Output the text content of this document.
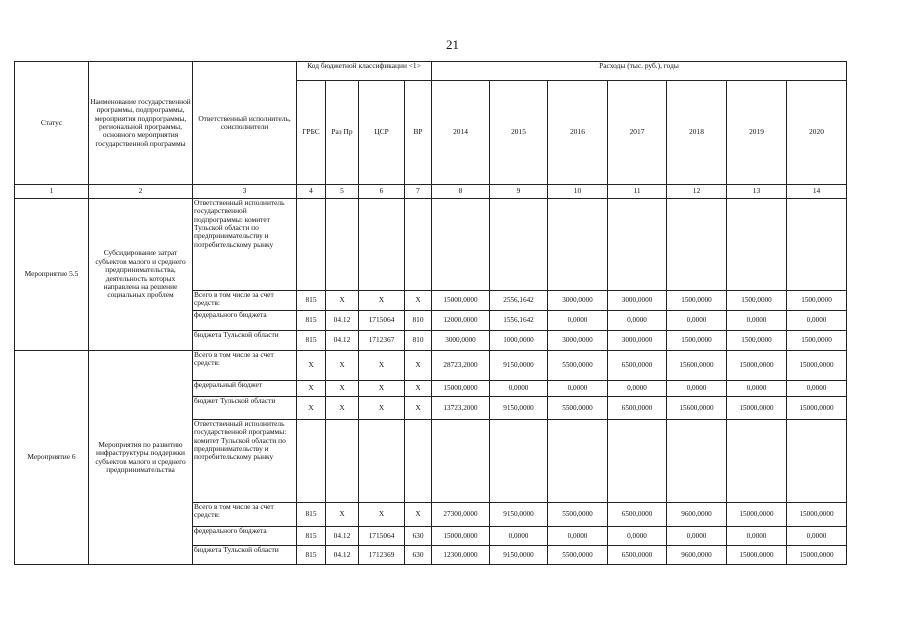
21
Статус	Наименование государственной программы, подпрограммы, мероприятия подпрограммы, региональной программы, основного мероприятия государственной программы	Ответственный исполнитель, соисполнители	Код бюджетной классификации <1>				Расходы (тыс. руб.), годы						
			ГРБС	Раз Пр	ЦСР	ВР	2014	2015	2016	2017	2018	2019	2020
1	2	3	4	5	6	7	8	9	10	11	12	13	14
Мероприятие 5.5	Субсидирование затрат субъектов малого и среднего предпринимательства, деятельность которых направлена на решение социальных проблем	Ответственный исполнитель государственной подпрограммы: комитет Тульской области по предпринимательству и потребительскому рынку											
		Всего в том числе за счет средств:	815	Х	Х	Х	15000,0000	2556,1642	3000,0000	3000,0000	1500,0000	1500,0000	1500,0000
		федерального бюджета	815	04.12	1715064	810	12000,0000	1556,1642	0,0000	0,0000	0,0000	0,0000	0,0000
		бюджета Тульской области	815	04.12	1712367	810	3000,0000	1000,0000	3000,0000	3000,0000	1500,0000	1500,0000	1500,0000
Мероприятие 6	Мероприятия по развитию инфраструктуры поддержки субъектов малого и среднего предпринимательства	Всего в том числе за счет средств:	Х	Х	Х	Х	28723,2000	9150,0000	5500,0000	6500,0000	15600,0000	15000,0000	15000,0000
		федеральный бюджет	Х	Х	Х	Х	15000,0000	0,0000	0,0000	0,0000	0,0000	0,0000	0,0000
		бюджет Тульской области	Х	Х	Х	Х	13723,2000	9150,0000	5500,0000	6500,0000	15600,0000	15000,0000	15000,0000
		Ответственный исполнитель государственной программы: комитет Тульской области по предпринимательству и потребительскому рынку											
		Всего в том числе за счет средств:	815	Х	Х	Х	27300,0000	9150,0000	5500,0000	6500,0000	9600,0000	15000,0000	15000,0000
		федерального бюджета	815	04.12	1715064	630	15000,0000	0,0000	0,0000	0,0000	0,0000	0,0000	0,0000
		бюджета Тульской области	815	04.12	1712369	630	12300,0000	9150,0000	5500,0000	6500,0000	9600,0000	15000,0000	15000,0000
